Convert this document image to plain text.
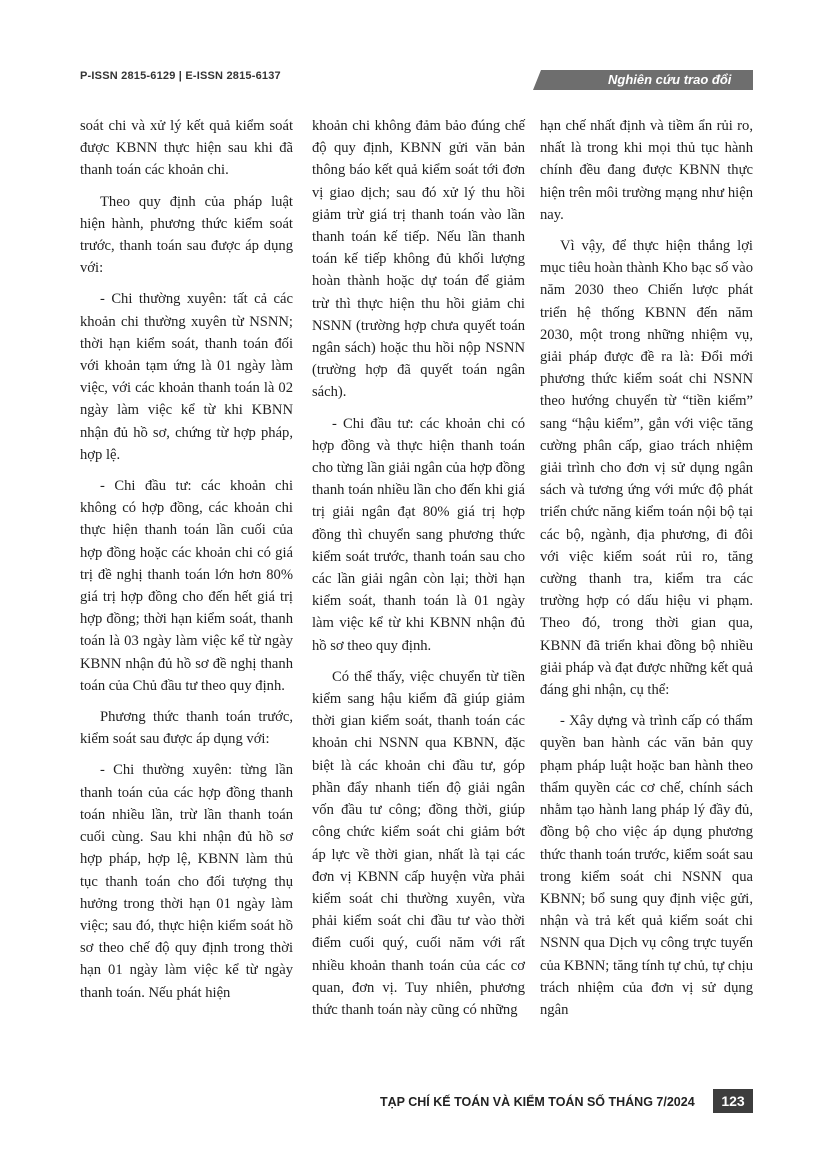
P-ISSN 2815-6129 | E-ISSN 2815-6137	Nghiên cứu trao đổi

soát chi và xử lý kết quả kiểm soát được KBNN thực hiện sau khi đã thanh toán các khoản chi.

Theo quy định của pháp luật hiện hành, phương thức kiểm soát trước, thanh toán sau được áp dụng với:

- Chi thường xuyên: tất cả các khoản chi thường xuyên từ NSNN; thời hạn kiểm soát, thanh toán đối với khoản tạm ứng là 01 ngày làm việc, với các khoản thanh toán là 02 ngày làm việc kể từ khi KBNN nhận đủ hồ sơ, chứng từ hợp pháp, hợp lệ.

- Chi đầu tư: các khoản chi không có hợp đồng, các khoản chi thực hiện thanh toán lần cuối của hợp đồng hoặc các khoản chi có giá trị đề nghị thanh toán lớn hơn 80% giá trị hợp đồng cho đến hết giá trị hợp đồng; thời hạn kiểm soát, thanh toán là 03 ngày làm việc kể từ ngày KBNN nhận đủ hồ sơ đề nghị thanh toán của Chủ đầu tư theo quy định.

Phương thức thanh toán trước, kiểm soát sau được áp dụng với:

- Chi thường xuyên: từng lần thanh toán của các hợp đồng thanh toán nhiều lần, trừ lần thanh toán cuối cùng. Sau khi nhận đủ hồ sơ hợp pháp, hợp lệ, KBNN làm thủ tục thanh toán cho đối tượng thụ hưởng trong thời hạn 01 ngày làm việc; sau đó, thực hiện kiểm soát hồ sơ theo chế độ quy định trong thời hạn 01 ngày làm việc kể từ ngày thanh toán. Nếu phát hiện

khoản chi không đảm bảo đúng chế độ quy định, KBNN gửi văn bản thông báo kết quả kiểm soát tới đơn vị giao dịch; sau đó xử lý thu hồi giảm trừ giá trị thanh toán vào lần thanh toán kế tiếp. Nếu lần thanh toán kế tiếp không đủ khối lượng hoàn thành hoặc dự toán để giảm trừ thì thực hiện thu hồi giảm chi NSNN (trường hợp chưa quyết toán ngân sách) hoặc thu hồi nộp NSNN (trường hợp đã quyết toán ngân sách).

- Chi đầu tư: các khoản chi có hợp đồng và thực hiện thanh toán cho từng lần giải ngân của hợp đồng thanh toán nhiều lần cho đến khi giá trị giải ngân đạt 80% giá trị hợp đồng thì chuyển sang phương thức kiểm soát trước, thanh toán sau cho các lần giải ngân còn lại; thời hạn kiểm soát, thanh toán là 01 ngày làm việc kể từ khi KBNN nhận đủ hồ sơ theo quy định.

Có thể thấy, việc chuyển từ tiền kiểm sang hậu kiểm đã giúp giảm thời gian kiểm soát, thanh toán các khoản chi NSNN qua KBNN, đặc biệt là các khoản chi đầu tư, góp phần đẩy nhanh tiến độ giải ngân vốn đầu tư công; đồng thời, giúp công chức kiểm soát chi giảm bớt áp lực về thời gian, nhất là tại các đơn vị KBNN cấp huyện vừa phải kiểm soát chi thường xuyên, vừa phải kiểm soát chi đầu tư vào thời điểm cuối quý, cuối năm với rất nhiều khoản thanh toán của các cơ quan, đơn vị. Tuy nhiên, phương thức thanh toán này cũng có những

hạn chế nhất định và tiềm ẩn rủi ro, nhất là trong khi mọi thủ tục hành chính đều đang được KBNN thực hiện trên môi trường mạng như hiện nay.

Vì vậy, để thực hiện thắng lợi mục tiêu hoàn thành Kho bạc số vào năm 2030 theo Chiến lược phát triển hệ thống KBNN đến năm 2030, một trong những nhiệm vụ, giải pháp được đề ra là: Đổi mới phương thức kiểm soát chi NSNN theo hướng chuyển từ “tiền kiểm” sang “hậu kiểm”, gắn với việc tăng cường phân cấp, giao trách nhiệm giải trình cho đơn vị sử dụng ngân sách và tương ứng với mức độ phát triển chức năng kiểm toán nội bộ tại các bộ, ngành, địa phương, đi đôi với việc kiểm soát rủi ro, tăng cường thanh tra, kiểm tra các trường hợp có dấu hiệu vi phạm. Theo đó, trong thời gian qua, KBNN đã triển khai đồng bộ nhiều giải pháp và đạt được những kết quả đáng ghi nhận, cụ thể:

- Xây dựng và trình cấp có thẩm quyền ban hành các văn bản quy phạm pháp luật hoặc ban hành theo thẩm quyền các cơ chế, chính sách nhằm tạo hành lang pháp lý đầy đủ, đồng bộ cho việc áp dụng phương thức thanh toán trước, kiểm soát sau trong kiểm soát chi NSNN qua KBNN; bổ sung quy định việc gửi, nhận và trả kết quả kiểm soát chi NSNN qua Dịch vụ công trực tuyến của KBNN; tăng tính tự chủ, tự chịu trách nhiệm của đơn vị sử dụng ngân

TẠP CHÍ KẾ TOÁN VÀ KIỂM TOÁN SỐ THÁNG 7/2024	123
